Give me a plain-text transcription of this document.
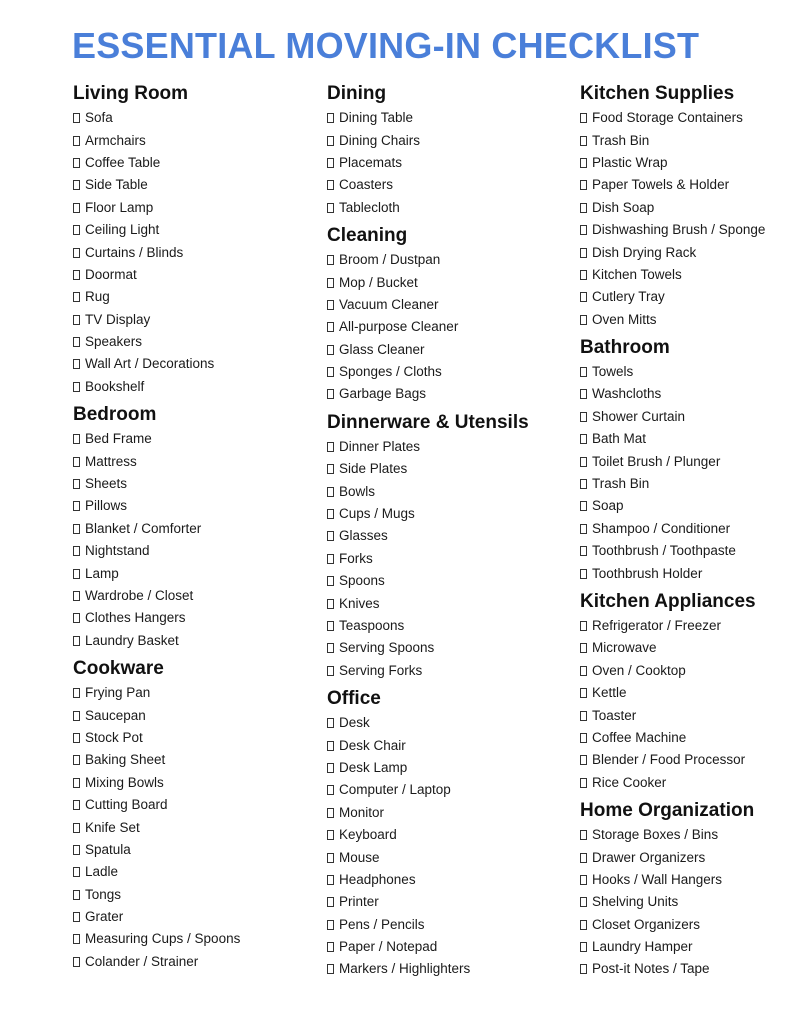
ESSENTIAL MOVING-IN CHECKLIST
Living Room
Sofa
Armchairs
Coffee Table
Side Table
Floor Lamp
Ceiling Light
Curtains / Blinds
Doormat
Rug
TV Display
Speakers
Wall Art / Decorations
Bookshelf
Bedroom
Bed Frame
Mattress
Sheets
Pillows
Blanket / Comforter
Nightstand
Lamp
Wardrobe / Closet
Clothes Hangers
Laundry Basket
Cookware
Frying Pan
Saucepan
Stock Pot
Baking Sheet
Mixing Bowls
Cutting Board
Knife Set
Spatula
Ladle
Tongs
Grater
Measuring Cups / Spoons
Colander / Strainer
Dining
Dining Table
Dining Chairs
Placemats
Coasters
Tablecloth
Cleaning
Broom / Dustpan
Mop / Bucket
Vacuum Cleaner
All-purpose Cleaner
Glass Cleaner
Sponges / Cloths
Garbage Bags
Dinnerware & Utensils
Dinner Plates
Side Plates
Bowls
Cups / Mugs
Glasses
Forks
Spoons
Knives
Teaspoons
Serving Spoons
Serving Forks
Office
Desk
Desk Chair
Desk Lamp
Computer / Laptop
Monitor
Keyboard
Mouse
Headphones
Printer
Pens / Pencils
Paper / Notepad
Markers / Highlighters
Kitchen Supplies
Food Storage Containers
Trash Bin
Plastic Wrap
Paper Towels & Holder
Dish Soap
Dishwashing Brush / Sponge
Dish Drying Rack
Kitchen Towels
Cutlery Tray
Oven Mitts
Bathroom
Towels
Washcloths
Shower Curtain
Bath Mat
Toilet Brush / Plunger
Trash Bin
Soap
Shampoo / Conditioner
Toothbrush / Toothpaste
Toothbrush Holder
Kitchen Appliances
Refrigerator / Freezer
Microwave
Oven / Cooktop
Kettle
Toaster
Coffee Machine
Blender / Food Processor
Rice Cooker
Home Organization
Storage Boxes / Bins
Drawer Organizers
Hooks / Wall Hangers
Shelving Units
Closet Organizers
Laundry Hamper
Post-it Notes / Tape
